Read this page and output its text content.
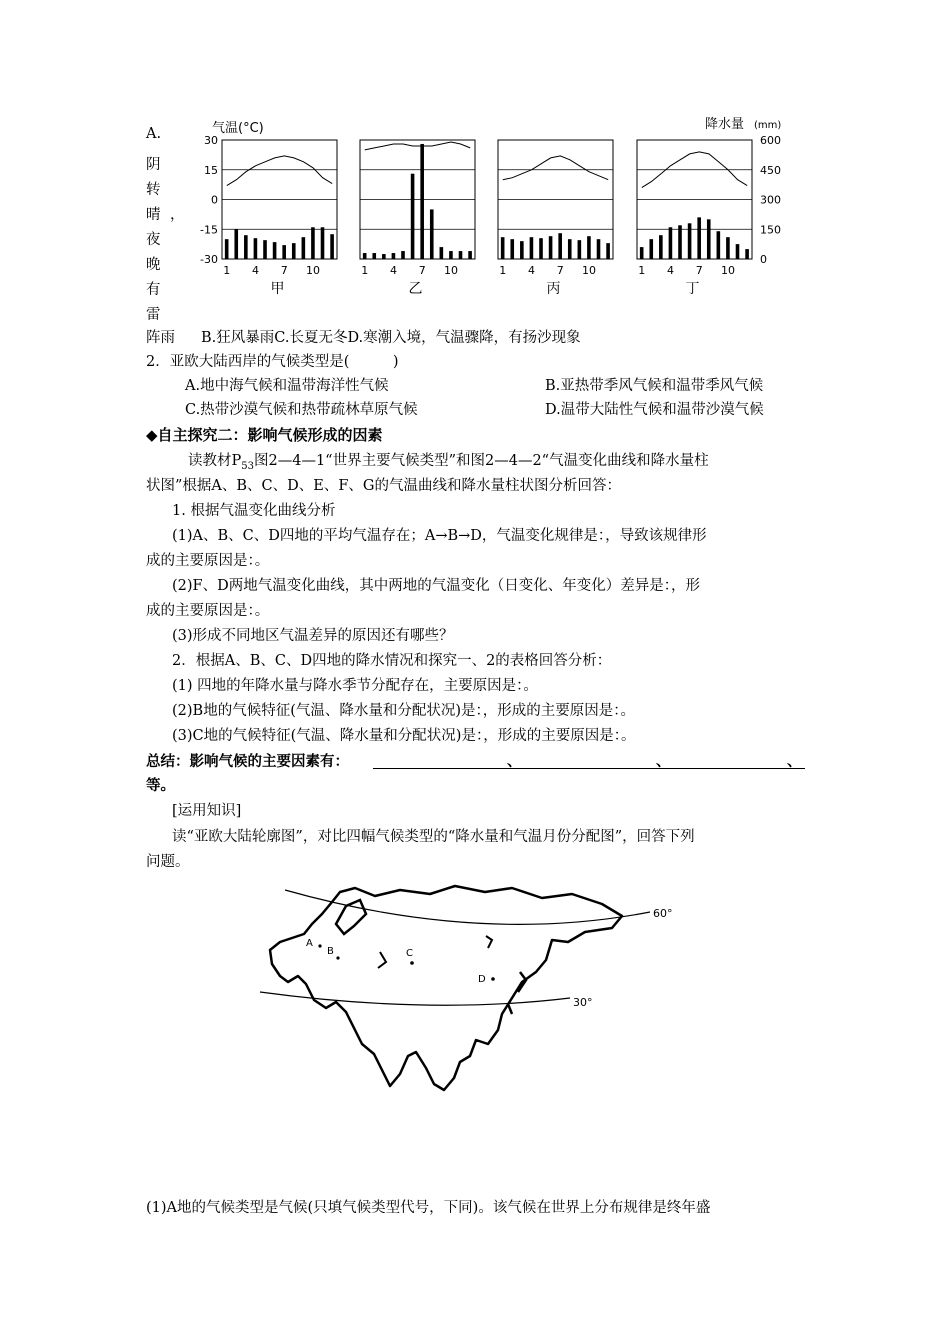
30
15
0
-15
-30
600
450
300
150
0
1 4 7 10
甲
1 4 7 10
乙
1 4 7 10
丙
1 4 7 10
丁
气温(°C)	降水量 (mm)
A.
阴
转
晴 ，
夜
晚
有
雷
阵雨 B.狂风暴雨C.长夏无冬D.寒潮入境，气温骤降，有扬沙现象
2．亚欧大陆西岸的气候类型是(　　　)
A.地中海气候和温带海洋性气候	B.亚热带季风气候和温带季风气候
C.热带沙漠气候和热带疏林草原气候	D.温带大陆性气候和温带沙漠气候
◆自主探究二：影响气候形成的因素
读教材$P_{53}$图2—4—1“世界主要气候类型”和图2—4—2“气温变化曲线和降水量柱
状图”根据A、B、C、D、E、F、G的气温曲线和降水量柱状图分析回答：
1. 根据气温变化曲线分析
(1)A、B、C、D四地的平均气温存在；A→B→D，气温变化规律是：，导致该规律形
成的主要原因是：。
(2)F、D两地气温变化曲线，其中两地的气温变化（日变化、年变化）差异是：，形
成的主要原因是：。
(3)形成不同地区气温差异的原因还有哪些？
2．根据A、B、C、D四地的降水情况和探究一、2的表格回答分析：
(1) 四地的年降水量与降水季节分配存在，主要原因是：。
(2)B地的气候特征(气温、降水量和分配状况)是：，形成的主要原因是：。
(3)C地的气候特征(气温、降水量和分配状况)是：，形成的主要原因是：。
总结：影响气候的主要因素有：	、	、	、
等。
[运用知识]
读“亚欧大陆轮廓图”，对比四幅气候类型的“降水量和气温月份分配图”，回答下列
问题。
60°
30°
A
B	C
D
(1)A地的气候类型是气候(只填气候类型代号，下同)。该气候在世界上分布规律是终年盛
